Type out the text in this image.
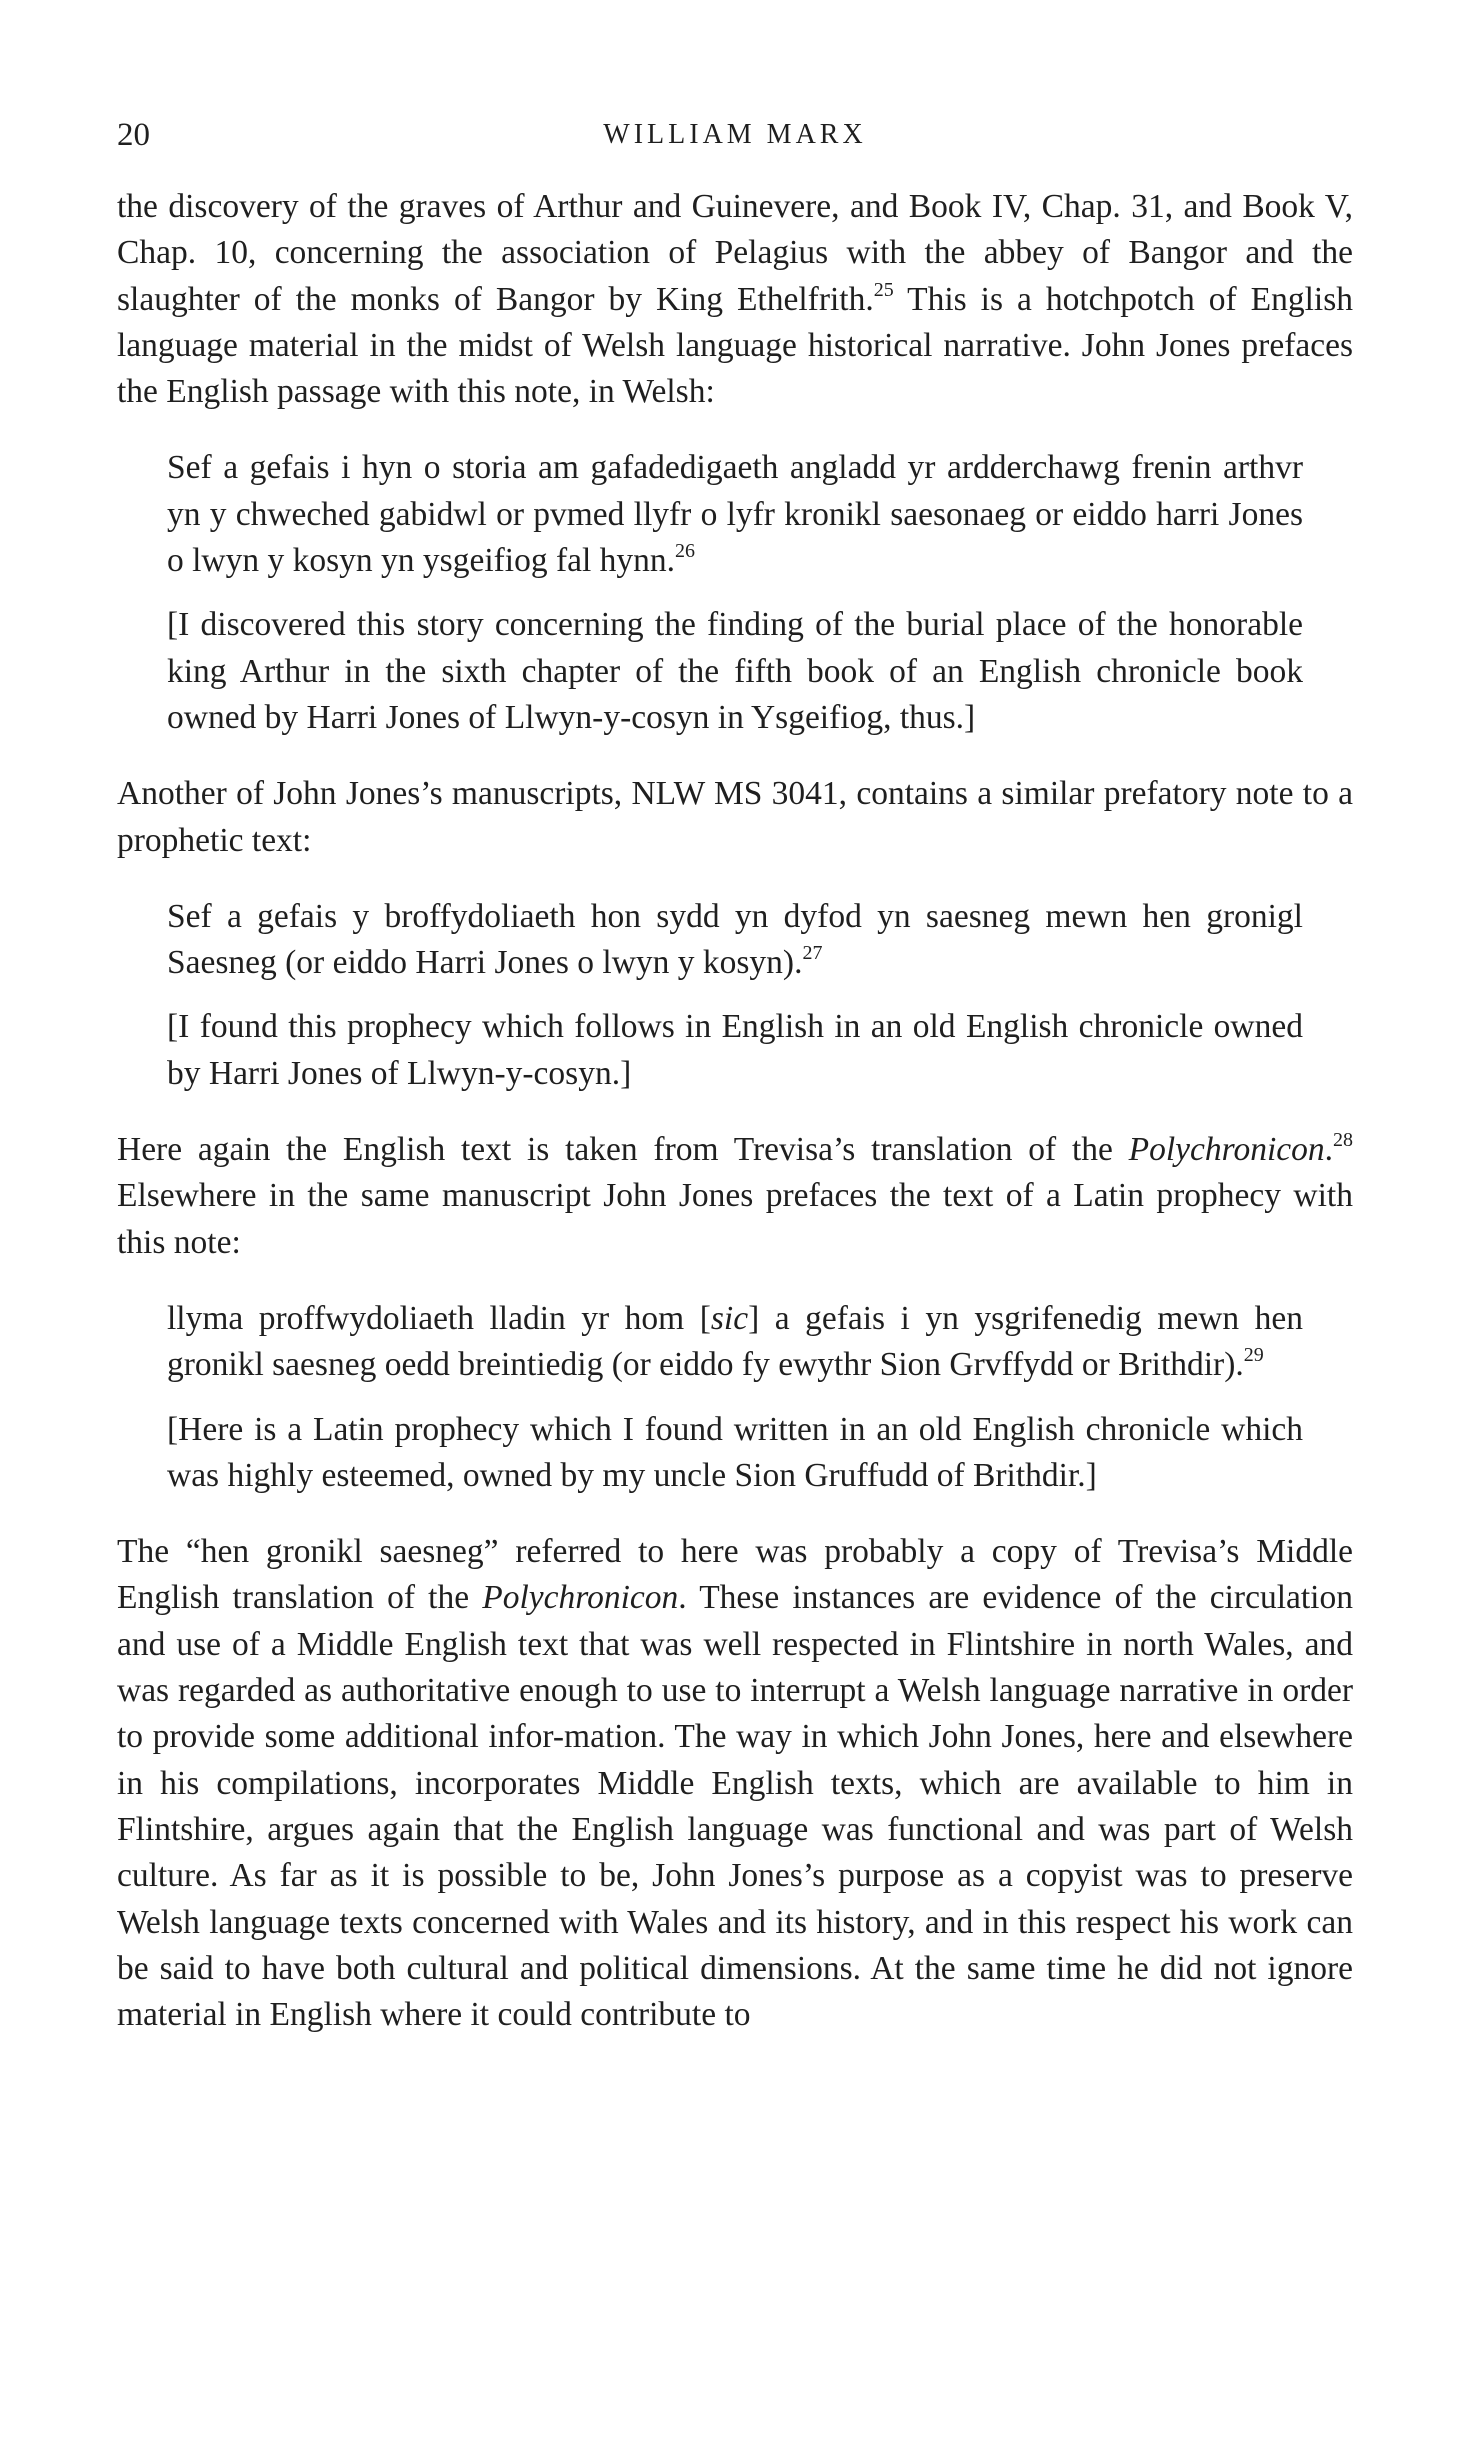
20	WILLIAM MARX

the discovery of the graves of Arthur and Guinevere, and Book IV, Chap. 31, and Book V, Chap. 10, concerning the association of Pelagius with the abbey of Bangor and the slaughter of the monks of Bangor by King Ethelfrith.$^{25}$ This is a hotchpotch of English language material in the midst of Welsh language historical narrative. John Jones prefaces the English passage with this note, in Welsh:

Sef a gefais i hyn o storia am gafadedigaeth angladd yr ardderchawg frenin arthvr yn y chweched gabidwl or pvmed llyfr o lyfr kronikl saesonaeg or eiddo harri Jones o lwyn y kosyn yn ysgeifiog fal hynn.$^{26}$

[I discovered this story concerning the finding of the burial place of the honorable king Arthur in the sixth chapter of the fifth book of an English chronicle book owned by Harri Jones of Llwyn-y-cosyn in Ysgeifiog, thus.]

Another of John Jones’s manuscripts, NLW MS 3041, contains a similar prefatory note to a prophetic text:

Sef a gefais y broffydoliaeth hon sydd yn dyfod yn saesneg mewn hen gronigl Saesneg (or eiddo Harri Jones o lwyn y kosyn).$^{27}$

[I found this prophecy which follows in English in an old English chronicle owned by Harri Jones of Llwyn-y-cosyn.]

Here again the English text is taken from Trevisa’s translation of the Polychronicon.$^{28}$ Elsewhere in the same manuscript John Jones prefaces the text of a Latin prophecy with this note:

llyma proffwydoliaeth lladin yr hom [sic] a gefais i yn ysgrifenedig mewn hen gronikl saesneg oedd breintiedig (or eiddo fy ewythr Sion Grvffydd or Brithdir).$^{29}$

[Here is a Latin prophecy which I found written in an old English chronicle which was highly esteemed, owned by my uncle Sion Gruffudd of Brithdir.]

The “hen gronikl saesneg” referred to here was probably a copy of Trevisa’s Middle English translation of the Polychronicon. These instances are evidence of the circulation and use of a Middle English text that was well respected in Flintshire in north Wales, and was regarded as authoritative enough to use to interrupt a Welsh language narrative in order to provide some additional infor-mation. The way in which John Jones, here and elsewhere in his compilations, incorporates Middle English texts, which are available to him in Flintshire, argues again that the English language was functional and was part of Welsh culture. As far as it is possible to be, John Jones’s purpose as a copyist was to preserve Welsh language texts concerned with Wales and its history, and in this respect his work can be said to have both cultural and political dimensions. At the same time he did not ignore material in English where it could contribute to
